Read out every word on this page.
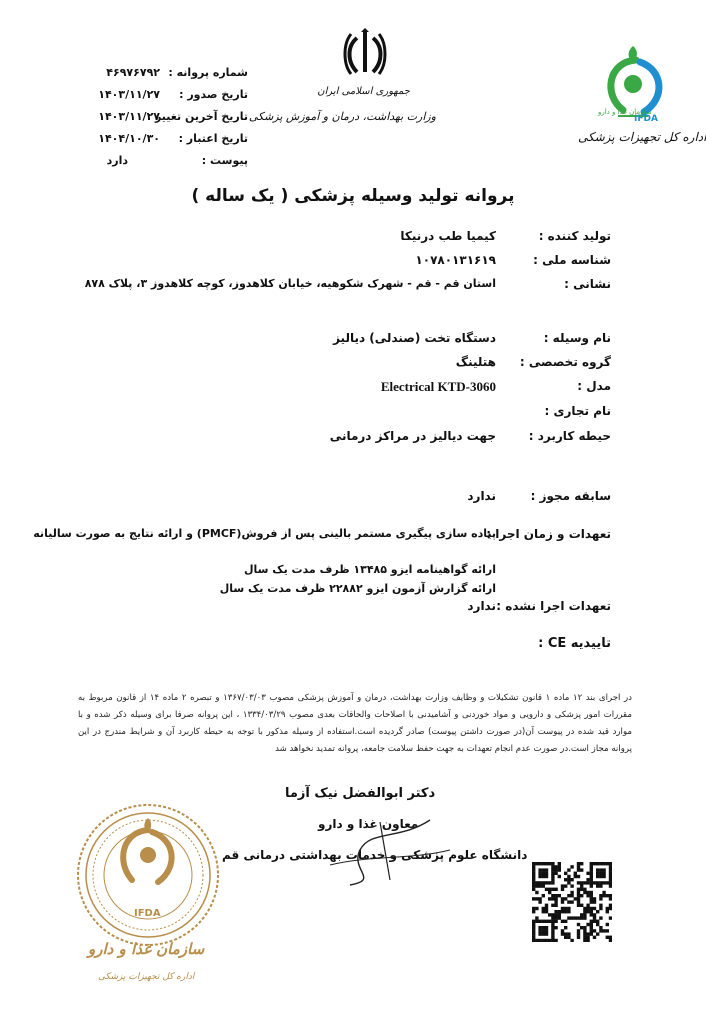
IFDA
سازمان غذا و دارو
اداره کل تجهیزات پزشکی
جمهوری اسلامی ایران
وزارت بهداشت، درمان و آموزش پزشکی
شماره پروانه :
۴۶۹۷۶۷۹۲
تاریخ صدور :
۱۴۰۳/۱۱/۲۷
تاریخ آخرین تغییر :
۱۴۰۳/۱۱/۲۷
تاریخ اعتبار :
۱۴۰۴/۱۰/۳۰
پیوست :
دارد
پروانه تولید وسیله پزشکی ( یک ساله )
تولید کننده :
کیمیا طب درنیکا
شناسه ملی :
۱۰۷۸۰۱۳۱۶۱۹
نشانی :
استان قم - قم - شهرک شکوهیه، خیابان کلاهدوز، کوچه کلاهدوز ۳، پلاک ۸۷۸
نام وسیله :
دستگاه تخت (صندلی) دیالیز
گروه تخصصی :
هتلینگ
مدل :
Electrical KTD-3060
نام تجاری :
حیطه کاربرد :
جهت دیالیز در مراکز درمانی
سابقه مجوز :
ندارد
تعهدات و زمان اجرا :
پیاده سازی پیگیری مستمر بالینی پس از فروش(PMCF) و ارائه نتایج به صورت سالیانه
ارائه گواهینامه ایزو ۱۳۴۸۵ ظرف مدت یک سال
ارائه گزارش آزمون ایزو ۲۲۸۸۲ ظرف مدت یک سال
تعهدات اجرا نشده :
ندارد
تاییدیه CE :
در اجرای بند ۱۲ ماده ۱ قانون تشکیلات و وظایف وزارت بهداشت، درمان و آموزش پزشکی مصوب ۱۳۶۷/۰۳/۰۳ و تبصره ۲ ماده ۱۴ از قانون مربوط به مقررات امور پزشکی و دارویی و مواد خوردنی و آشامیدنی با اصلاحات والحاقات بعدی مصوب ۱۳۳۴/۰۳/۲۹ ، این پروانه صرفا برای وسیله ذکر شده و با موارد قید شده در پیوست آن(در صورت داشتن پیوست) صادر گردیده است.استفاده از وسیله مذکور با توجه به حیطه کاربرد آن و شرایط مندرج در این پروانه مجاز است.در صورت عدم انجام تعهدات به جهت حفظ سلامت جامعه، پروانه تمدید نخواهد شد
دکتر ابوالفضل نیک آزما
معاون غذا و دارو
دانشگاه علوم پزشکی و خدمات بهداشتی درمانی قم
IFDA
سازمان غذا و دارو
اداره کل تجهیزات پزشکی
